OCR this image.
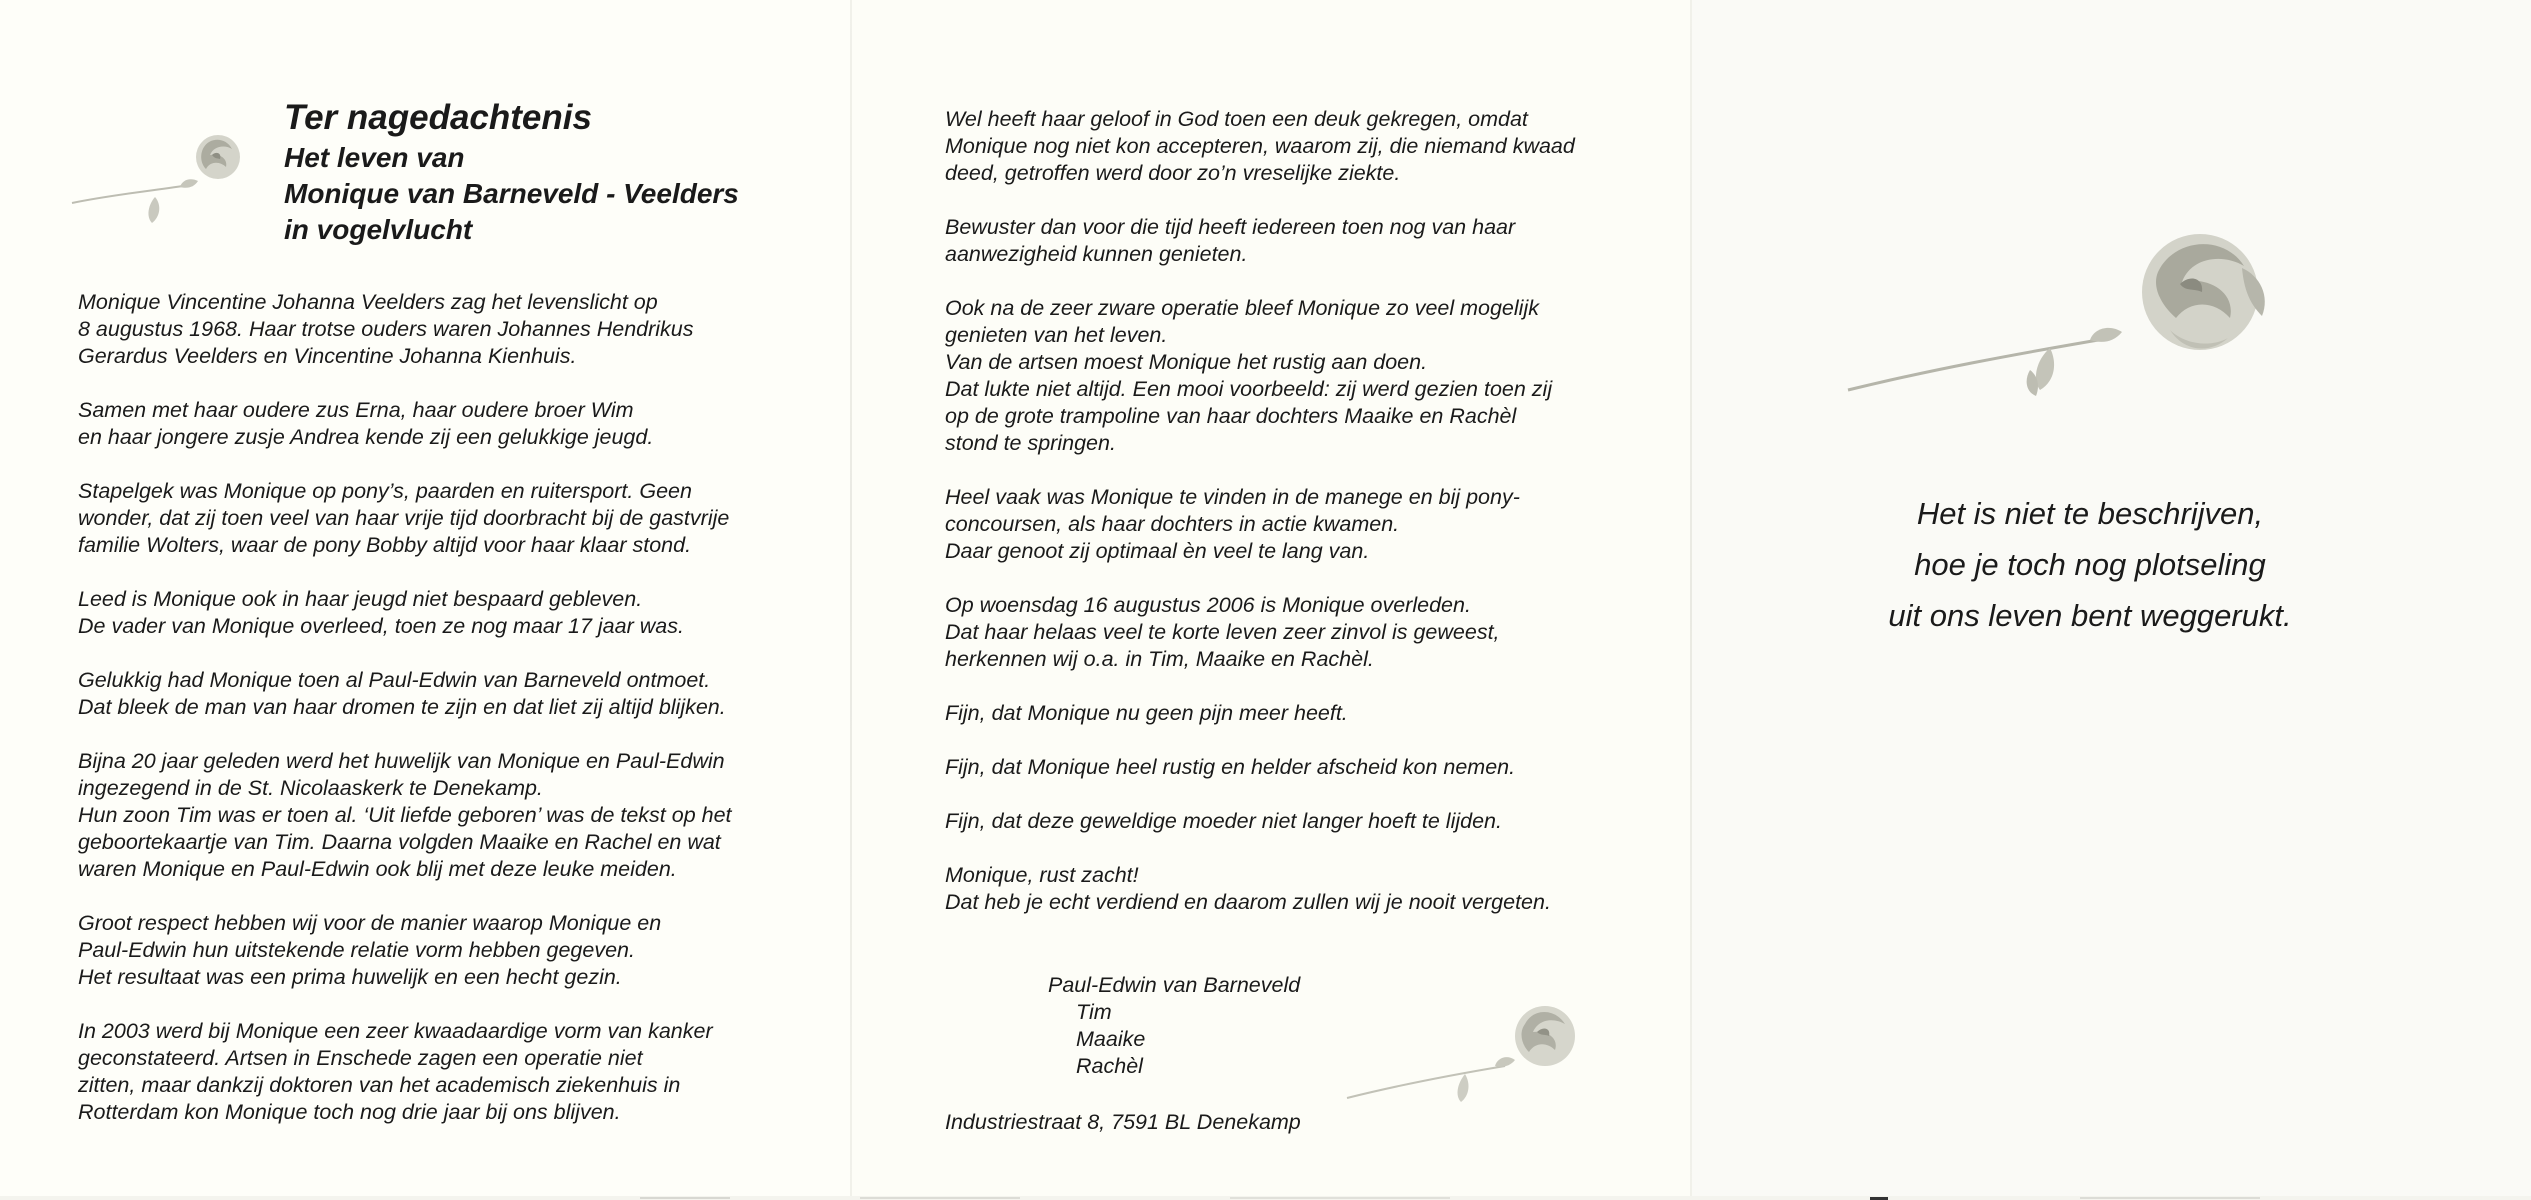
Ter nagedachtenis
Het leven van
Monique van Barneveld - Veelders
in vogelvlucht

Monique Vincentine Johanna Veelders zag het levenslicht op
8 augustus 1968. Haar trotse ouders waren Johannes Hendrikus
Gerardus Veelders en Vincentine Johanna Kienhuis.

Samen met haar oudere zus Erna, haar oudere broer Wim
en haar jongere zusje Andrea kende zij een gelukkige jeugd.

Stapelgek was Monique op pony’s, paarden en ruitersport. Geen
wonder, dat zij toen veel van haar vrije tijd doorbracht bij de gastvrije
familie Wolters, waar de pony Bobby altijd voor haar klaar stond.

Leed is Monique ook in haar jeugd niet bespaard gebleven.
De vader van Monique overleed, toen ze nog maar 17 jaar was.

Gelukkig had Monique toen al Paul-Edwin van Barneveld ontmoet.
Dat bleek de man van haar dromen te zijn en dat liet zij altijd blijken.

Bijna 20 jaar geleden werd het huwelijk van Monique en Paul-Edwin
ingezegend in de St. Nicolaaskerk te Denekamp.
Hun zoon Tim was er toen al. ‘Uit liefde geboren’ was de tekst op het
geboortekaartje van Tim. Daarna volgden Maaike en Rachel en wat
waren Monique en Paul-Edwin ook blij met deze leuke meiden.

Groot respect hebben wij voor de manier waarop Monique en
Paul-Edwin hun uitstekende relatie vorm hebben gegeven.
Het resultaat was een prima huwelijk en een hecht gezin.

In 2003 werd bij Monique een zeer kwaadaardige vorm van kanker
geconstateerd. Artsen in Enschede zagen een operatie niet
zitten, maar dankzij doktoren van het academisch ziekenhuis in
Rotterdam kon Monique toch nog drie jaar bij ons blijven.

Wel heeft haar geloof in God toen een deuk gekregen, omdat
Monique nog niet kon accepteren, waarom zij, die niemand kwaad
deed, getroffen werd door zo’n vreselijke ziekte.

Bewuster dan voor die tijd heeft iedereen toen nog van haar
aanwezigheid kunnen genieten.

Ook na de zeer zware operatie bleef Monique zo veel mogelijk
genieten van het leven.
Van de artsen moest Monique het rustig aan doen.
Dat lukte niet altijd. Een mooi voorbeeld: zij werd gezien toen zij
op de grote trampoline van haar dochters Maaike en Rachèl
stond te springen.

Heel vaak was Monique te vinden in de manege en bij pony-
concoursen, als haar dochters in actie kwamen.
Daar genoot zij optimaal èn veel te lang van.

Op woensdag 16 augustus 2006 is Monique overleden.
Dat haar helaas veel te korte leven zeer zinvol is geweest,
herkennen wij o.a. in Tim, Maaike en Rachèl.

Fijn, dat Monique nu geen pijn meer heeft.

Fijn, dat Monique heel rustig en helder afscheid kon nemen.

Fijn, dat deze geweldige moeder niet langer hoeft te lijden.

Monique, rust zacht!
Dat heb je echt verdiend en daarom zullen wij je nooit vergeten.

Paul-Edwin van Barneveld
Tim
Maaike
Rachèl
Industriestraat 8, 7591 BL Denekamp
Het is niet te beschrijven,
hoe je toch nog plotseling
uit ons leven bent weggerukt.
